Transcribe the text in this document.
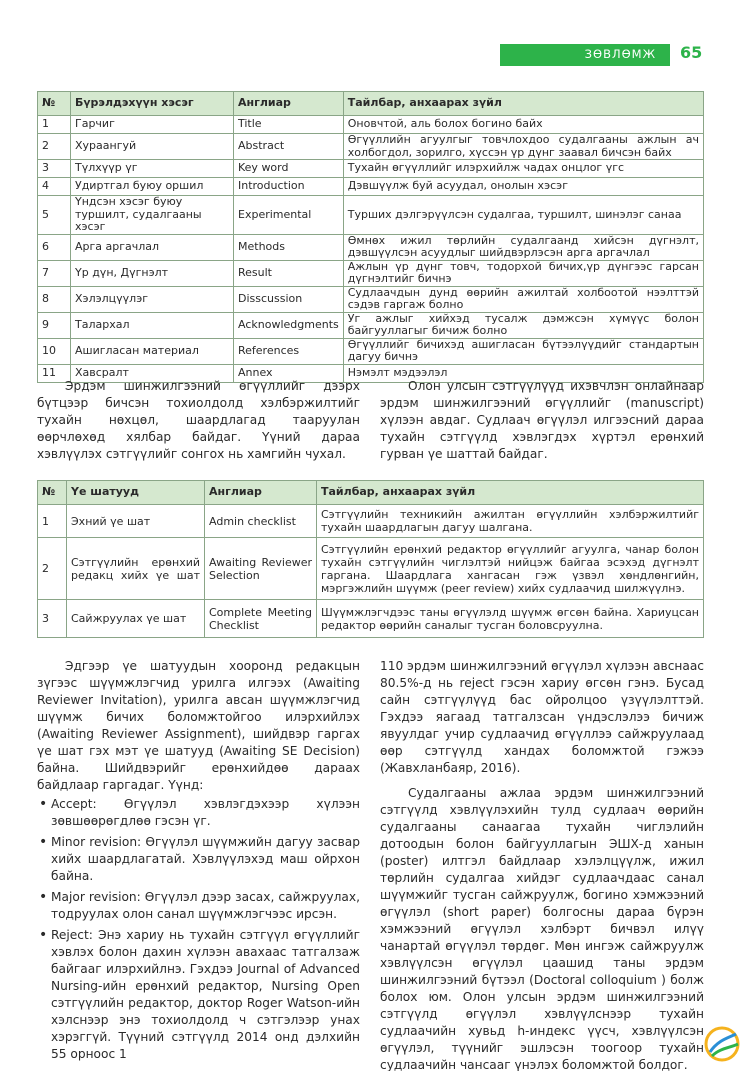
ЗӨВЛӨМЖ 65
№	Бүрэлдэхүүн хэсэг	Англиар	Тайлбар, анхаарах зүйл
1	Гарчиг	Title	Оновчтой, аль болох богино байх
2	Хураангуй	Abstract	Өгүүллийн агуулгыг товчлохдоо судалгааны ажлын ач холбогдол, зорилго, хүссэн үр дүнг заавал бичсэн байх
3	Түлхүүр үг	Key word	Тухайн өгүүллийг илэрхийлж чадах онцлог үгс
4	Удиртгал буюу оршил	Introduction	Дэвшүүлж буй асуудал, онолын хэсэг
5	Үндсэн хэсэг буюу туршилт, судалгааны хэсэг	Experimental	Турших дэлгэрүүлсэн судалгаа, туршилт, шинэлэг санаа
6	Арга аргачлал	Methods	Өмнөх ижил төрлийн судалгаанд хийсэн дүгнэлт, дэвшүүлсэн асуудлыг шийдвэрлэсэн арга аргачлал
7	Үр дүн, Дүгнэлт	Result	Ажлын үр дүнг товч, тодорхой бичих,үр дүнгээс гарсан дүгнэлтийг бичнэ
8	Хэлэлцүүлэг	Disscussion	Судлаачдын дунд өөрийн ажилтай холбоотой нээлттэй сэдэв гаргаж болно
9	Талархал	Acknowledgments	Уг ажлыг хийхэд тусалж дэмжсэн хүмүүс болон байгууллагыг бичиж болно
10	Ашигласан материал	References	Өгүүллийг бичихэд ашигласан бүтээлүүдийг стандартын дагуу бичнэ
11	Хавсралт	Annex	Нэмэлт мэдээлэл

Эрдэм шинжилгээний өгүүллийг дээрх бүтцээр бичсэн тохиолдолд хэлбэржилтийг тухайн нөхцөл, шаардлагад тааруулан өөрчлөхөд хялбар байдаг. Үүний дараа хэвлүүлэх сэтгүүлийг сонгох нь хамгийн чухал.

Олон улсын сэтгүүлүүд ихэвчлэн онлайнаар эрдэм шинжилгээний өгүүллийг (manuscript) хүлээн авдаг. Судлаач өгүүлэл илгээсний дараа тухайн сэтгүүлд хэвлэгдэх хүртэл ерөнхий гурван үе шаттай байдаг.

№	Үе шатууд	Англиар	Тайлбар, анхаарах зүйл
1	Эхний үе шат	Admin checklist	Сэтгүүлийн техникийн ажилтан өгүүллийн хэлбэржилтийг тухайн шаардлагын дагуу шалгана.
2	Сэтгүүлийн ерөнхий редакц хийх үе шат	Awaiting Reviewer Selection	Сэтгүүлийн ерөнхий редактор өгүүллийг агуулга, чанар болон тухайн сэтгүүлийн чиглэлтэй нийцэж байгаа эсэхэд дүгнэлт гаргана. Шаардлага хангасан гэж үзвэл хөндлөнгийн, мэргэжлийн шүүмж (peer review) хийх судлаачид шилжүүлнэ.
3	Сайжруулах үе шат	Complete Meeting Checklist	Шүүмжлэгчдээс таны өгүүлэлд шүүмж өгсөн байна. Хариуцсан редактор өөрийн саналыг тусган боловсруулна.

Эдгээр үе шатуудын хооронд редакцын зүгээс шүүмжлэгчид урилга илгээх (Awaiting Reviewer Invitation), урилга авсан шүүмжлэгчид шүүмж бичих боломжтойгоо илэрхийлэх (Awaiting Reviewer Assignment), шийдвэр гаргах үе шат гэх мэт үе шатууд (Awaiting SE Decision) байна. Шийдвэрийг ерөнхийдөө дараах байдлаар гаргадаг. Үүнд:

• Accept: Өгүүлэл хэвлэгдэхээр хүлээн зөвшөөрөгдлөө гэсэн үг.
• Minor revision: Өгүүлэл шүүмжийн дагуу засвар хийх шаардлагатай. Хэвлүүлэхэд маш ойрхон байна.
• Major revision: Өгүүлэл дээр засах, сайжруулах, тодруулах олон санал шүүмжлэгчээс ирсэн.
• Reject: Энэ хариу нь тухайн сэтгүүл өгүүллийг хэвлэх болон дахин хүлээн авахаас татгалзаж байгааг илэрхийлнэ. Гэхдээ Journal of Advanced Nursing-ийн ерөнхий редактор, Nursing Open сэтгүүлийн редактор, доктор Roger Watson-ийн хэлснээр энэ тохиолдолд ч сэтгэлээр унах хэрэггүй. Түүний сэтгүүлд 2014 онд дэлхийн 55 орноос 1

110 эрдэм шинжилгээний өгүүлэл хүлээн авснаас 80.5%-д нь reject гэсэн хариу өгсөн гэнэ. Бусад сайн сэтгүүлүүд бас ойролцоо үзүүлэлттэй. Гэхдээ яагаад татгалзсан үндэслэлээ бичиж явуулдаг учир судлаачид өгүүллээ сайжруулаад өөр сэтгүүлд хандах боломжтой гэжээ (Жавхланбаяр, 2016).

Судалгааны ажлаа эрдэм шинжилгээний сэтгүүлд хэвлүүлэхийн тулд судлаач өөрийн судалгааны санаагаа тухайн чиглэлийн дотоодын болон байгууллагын ЭШХ-д ханын (poster) илтгэл байдлаар хэлэлцүүлж, ижил төрлийн судалгаа хийдэг судлаачдаас санал шүүмжийг тусган сайжруулж, богино хэмжээний өгүүлэл (short paper) болгосны дараа бүрэн хэмжээний өгүүлэл хэлбэрт бичвэл илүү чанартай өгүүлэл төрдөг. Мөн ингэж сайжруулж хэвлүүлсэн өгүүлэл цаашид таны эрдэм шинжилгээний бүтээл (Doctoral colloquium ) болж болох юм. Олон улсын эрдэм шинжилгээний сэтгүүлд өгүүлэл хэвлүүлснээр тухайн судлаачийн хувьд h-индекс үүсч, хэвлүүлсэн өгүүлэл, түүнийг эшлэсэн тоогоор тухайн судлаачийн чансааг үнэлэх боломжтой болдог.
